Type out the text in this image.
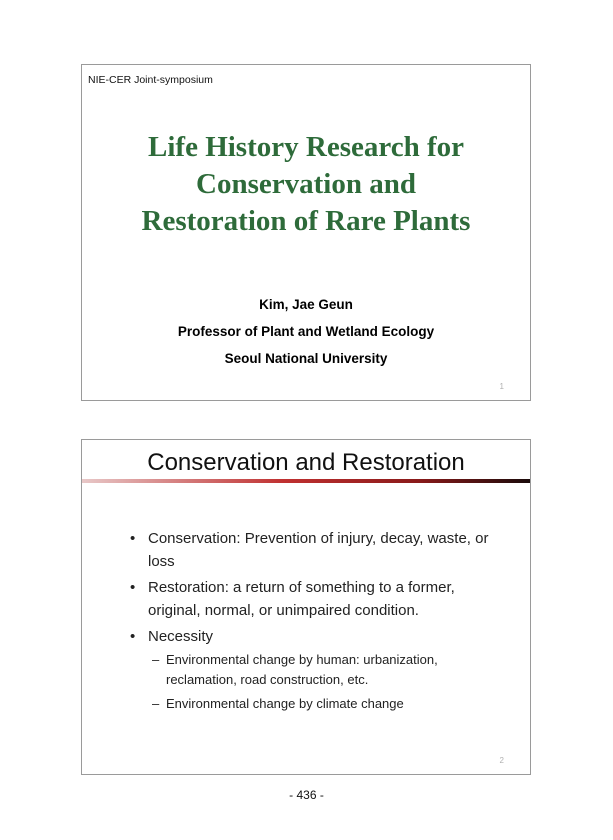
NIE-CER Joint-symposium
Life History Research for
Conservation and
Restoration of Rare Plants
Kim, Jae Geun
Professor of Plant and Wetland Ecology
Seoul National University
1
Conservation and Restoration
• Conservation: Prevention of injury, decay, waste, or loss
• Restoration: a return of something to a former, original, normal, or unimpaired condition.
• Necessity
– Environmental change by human: urbanization, reclamation, road construction, etc.
– Environmental change by climate change
2
- 436 -
